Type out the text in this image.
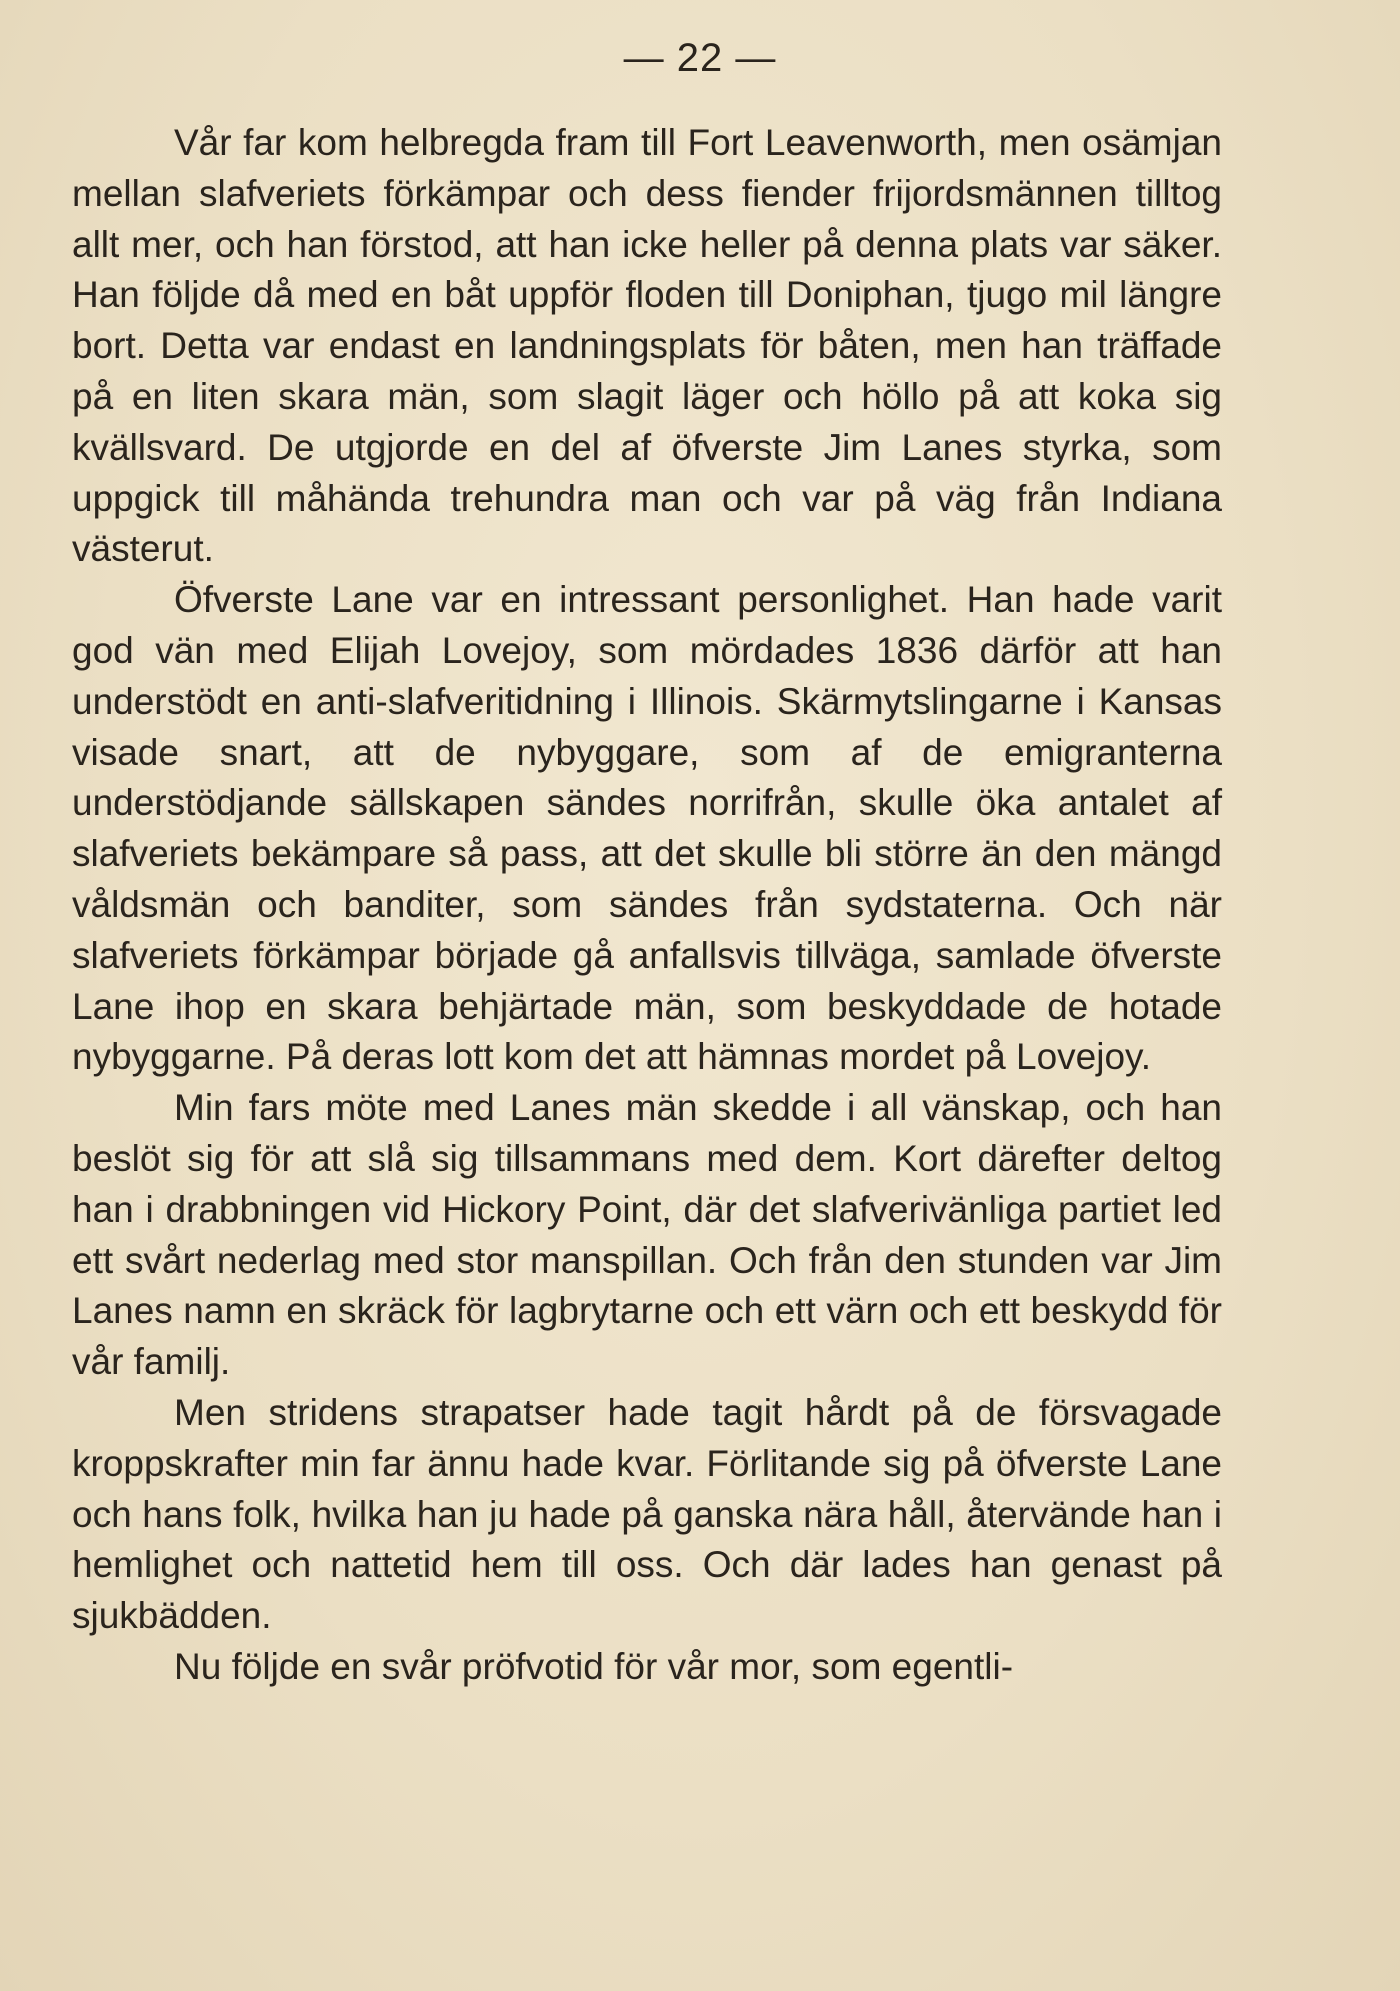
— 22 —

Vår far kom helbregda fram till Fort Leavenworth, men osämjan mellan slafveriets förkämpar och dess fiender frijordsmännen tilltog allt mer, och han förstod, att han icke heller på denna plats var säker. Han följde då med en båt uppför floden till Doniphan, tjugo mil längre bort. Detta var endast en landningsplats för båten, men han träffade på en liten skara män, som slagit läger och höllo på att koka sig kvällsvard. De utgjorde en del af öfverste Jim Lanes styrka, som uppgick till måhända trehundra man och var på väg från Indiana västerut.

Öfverste Lane var en intressant personlighet. Han hade varit god vän med Elijah Lovejoy, som mördades 1836 därför att han understödt en anti-slafveritidning i Illinois. Skärmytslingarne i Kansas visade snart, att de nybyggare, som af de emigranterna understödjande sällskapen sändes norrifrån, skulle öka antalet af slafveriets bekämpare så pass, att det skulle bli större än den mängd våldsmän och banditer, som sändes från sydstaterna. Och när slafveriets förkämpar började gå anfallsvis tillväga, samlade öfverste Lane ihop en skara behjärtade män, som beskyddade de hotade nybyggarne. På deras lott kom det att hämnas mordet på Lovejoy.

Min fars möte med Lanes män skedde i all vänskap, och han beslöt sig för att slå sig tillsammans med dem. Kort därefter deltog han i drabbningen vid Hickory Point, där det slafverivänliga partiet led ett svårt nederlag med stor manspillan. Och från den stunden var Jim Lanes namn en skräck för lagbrytarne och ett värn och ett beskydd för vår familj.

Men stridens strapatser hade tagit hårdt på de försvagade kroppskrafter min far ännu hade kvar. Förlitande sig på öfverste Lane och hans folk, hvilka han ju hade på ganska nära håll, återvände han i hemlighet och nattetid hem till oss. Och där lades han genast på sjukbädden.

Nu följde en svår pröfvotid för vår mor, som egentli-
